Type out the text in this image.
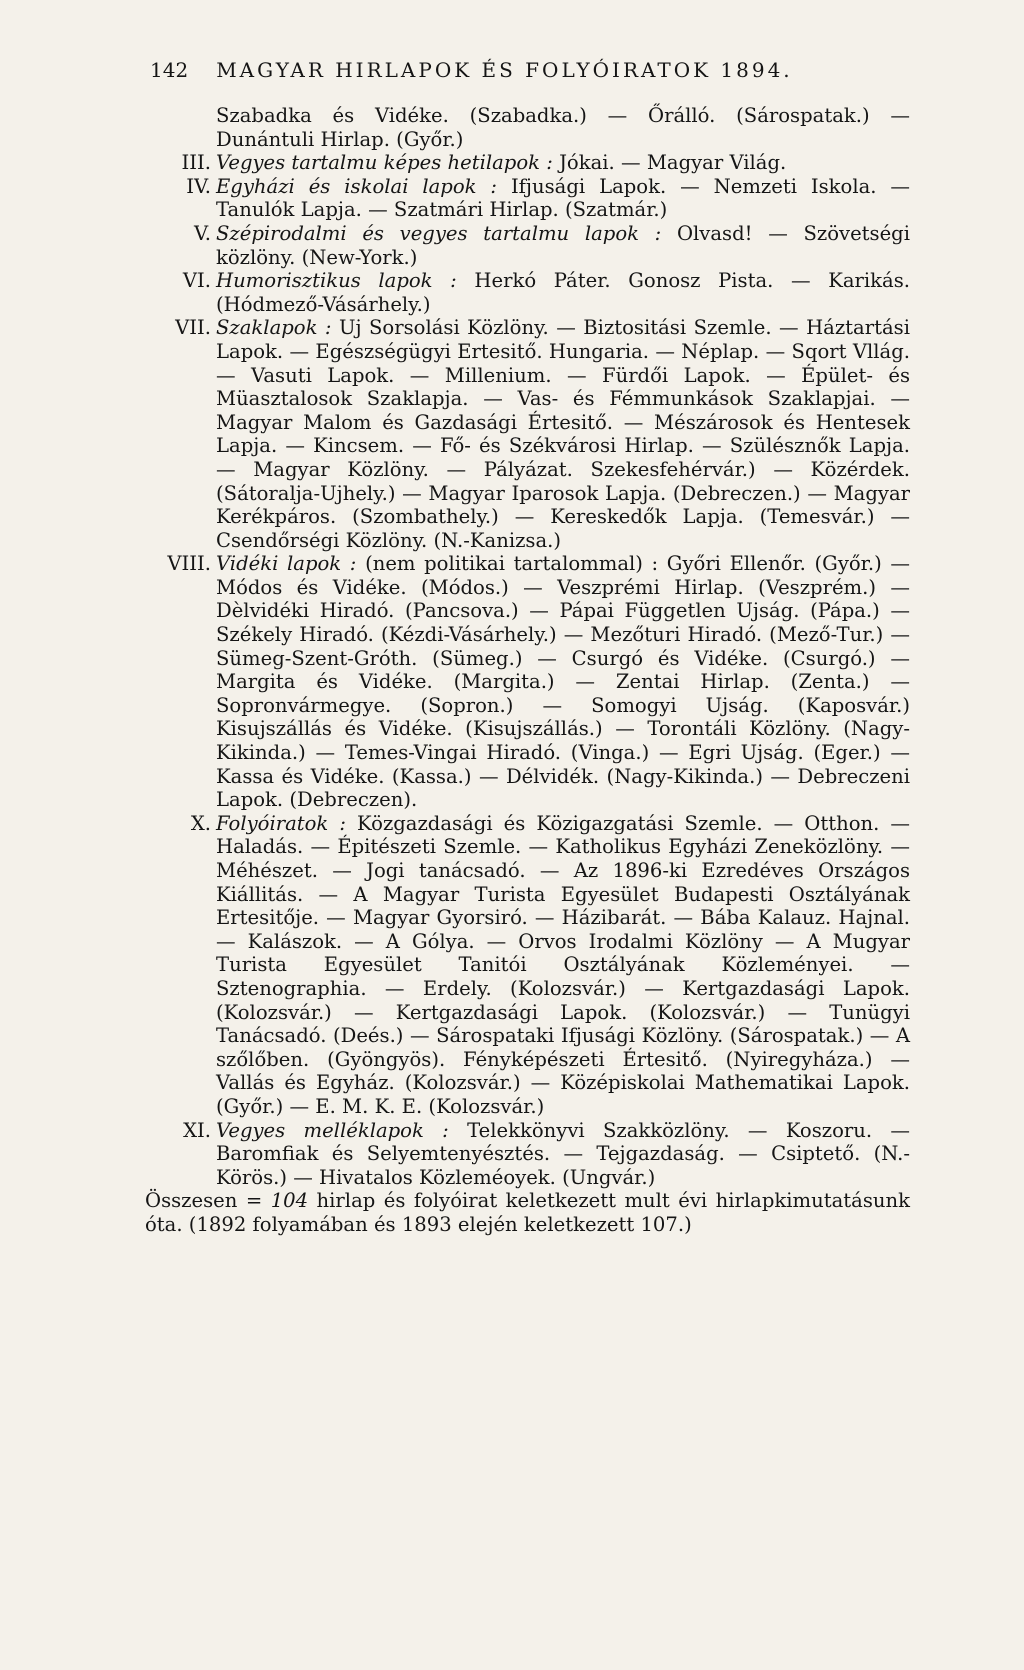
142 MAGYAR HIRLAPOK ÉS FOLYÓIRATOK 1894.

Szabadka és Vidéke. (Szabadka.) — Őrálló. (Sárospatak.) — Dunántuli Hirlap. (Győr.)

III. Vegyes tartalmu képes hetilapok : Jókai. — Magyar Világ.
IV. Egyházi és iskolai lapok : Ifjusági Lapok. — Nemzeti Iskola. — Tanulók Lapja. — Szatmári Hirlap. (Szatmár.)
V. Szépirodalmi és vegyes tartalmu lapok : Olvasd! — Szövetségi közlöny. (New-York.)
VI. Humorisztikus lapok : Herkó Páter. Gonosz Pista. — Karikás. (Hódmező-Vásárhely.)
VII. Szaklapok : Uj Sorsolási Közlöny. — Biztositási Szemle. — Háztartási Lapok. — Egészségügyi Ertesitő. Hungaria. — Néplap. — Sqort Vllág. — Vasuti Lapok. — Millenium. — Fürdői Lapok. — Épület- és Müasztalosok Szaklapja. — Vas- és Fémmunkások Szaklapjai. — Magyar Malom és Gazdasági Értesitő. — Mészárosok és Hentesek Lapja. — Kincsem. — Fő- és Székvárosi Hirlap. — Szülésznők Lapja. — Magyar Közlöny. — Pályázat. Szekesfehérvár.) — Közérdek. (Sátoralja-Ujhely.) — Magyar Iparosok Lapja. (Debreczen.) — Magyar Kerékpáros. (Szombathely.) — Kereskedők Lapja. (Temesvár.) — Csendőrségi Közlöny. (N.-Kanizsa.)
VIII. Vidéki lapok : (nem politikai tartalommal) : Győri Ellenőr. (Győr.) — Módos és Vidéke. (Módos.) — Veszprémi Hirlap. (Veszprém.) — Dèlvidéki Hiradó. (Pancsova.) — Pápai Független Ujság. (Pápa.) — Székely Hiradó. (Kézdi-Vásárhely.) — Mezőturi Hiradó. (Mező-Tur.) — Sümeg-Szent-Gróth. (Sümeg.) — Csurgó és Vidéke. (Csurgó.) — Margita és Vidéke. (Margita.) — Zentai Hirlap. (Zenta.) — Sopronvármegye. (Sopron.) — Somogyi Ujság. (Kaposvár.) Kisujszállás és Vidéke. (Kisujszállás.) — Torontáli Közlöny. (Nagy-Kikinda.) — Temes-Vingai Hiradó. (Vinga.) — Egri Ujság. (Eger.) — Kassa és Vidéke. (Kassa.) — Délvidék. (Nagy-Kikinda.) — Debreczeni Lapok. (Debreczen).
X. Folyóiratok : Közgazdasági és Közigazgatási Szemle. — Otthon. — Haladás. — Épitészeti Szemle. — Katholikus Egyházi Zeneközlöny. — Méhészet. — Jogi tanácsadó. — Az 1896-ki Ezredéves Országos Kiállitás. — A Magyar Turista Egyesület Budapesti Osztályának Ertesitője. — Magyar Gyorsiró. — Házibarát. — Bába Kalauz. Hajnal. — Kalászok. — A Gólya. — Orvos Irodalmi Közlöny — A Mugyar Turista Egyesület Tanitói Osztályának Közleményei. — Sztenographia. — Erdely. (Kolozsvár.) — Kertgazdasági Lapok. (Kolozsvár.) — Kertgazdasági Lapok. (Kolozsvár.) — Tunügyi Tanácsadó. (Deés.) — Sárospataki Ifjusági Közlöny. (Sárospatak.) — A szőlőben. (Gyöngyös). Fényképészeti Értesitő. (Nyiregyháza.) — Vallás és Egyház. (Kolozsvár.) — Középiskolai Mathematikai Lapok. (Győr.) — E. M. K. E. (Kolozsvár.)
XI. Vegyes melléklapok : Telekkönyvi Szakközlöny. — Koszoru. — Baromfiak és Selyemtenyésztés. — Tejgazdaság. — Csiptető. (N.-Körös.) — Hivatalos Közleméoyek. (Ungvár.)
Összesen = 104 hirlap és folyóirat keletkezett mult évi hirlapkimutatásunk óta. (1892 folyamában és 1893 elején keletkezett 107.)
